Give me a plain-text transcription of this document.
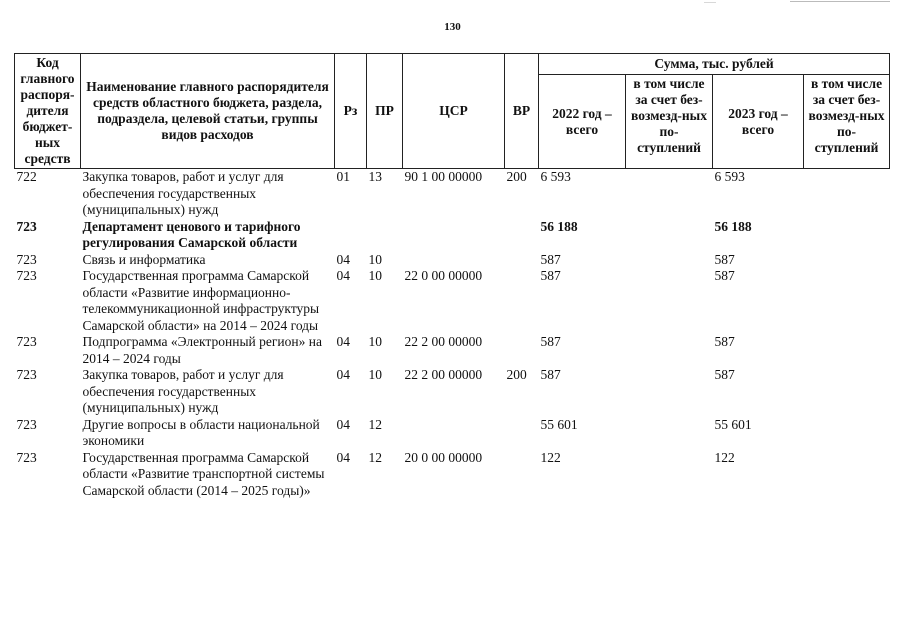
......
130
Код главного распоря-дителя бюджет-ных средств	Наименование главного распорядителя средств областного бюджета, раздела, подраздела, целевой статьи, группы видов расходов	Рз	ПР	ЦСР	ВР	Сумма, тыс. рублей			
						2022 год – всего	в том числе за счет без-возмезд-ных по-ступлений	2023 год – всего	в том числе за счет без-возмезд-ных по-ступлений
722	Закупка товаров, работ и услуг для обеспечения государственных (муниципальных) нужд	01	13	90 1 00 00000	200	6 593		6 593	
723	Департамент ценового и тарифного регулирования Самарской области					56 188		56 188	
723	Связь и информатика	04	10			587		587	
723	Государственная программа Самарской области «Развитие информационно-телекоммуникационной инфраструктуры Самарской области» на 2014 – 2024 годы	04	10	22 0 00 00000		587		587	
723	Подпрограмма «Электронный регион» на 2014 – 2024 годы	04	10	22 2 00 00000		587		587	
723	Закупка товаров, работ и услуг для обеспечения государственных (муниципальных) нужд	04	10	22 2 00 00000	200	587		587	
723	Другие вопросы в области национальной экономики	04	12			55 601		55 601	
723	Государственная программа Самарской области «Развитие транспортной системы Самарской области (2014 – 2025 годы)»	04	12	20 0 00 00000		122		122	
